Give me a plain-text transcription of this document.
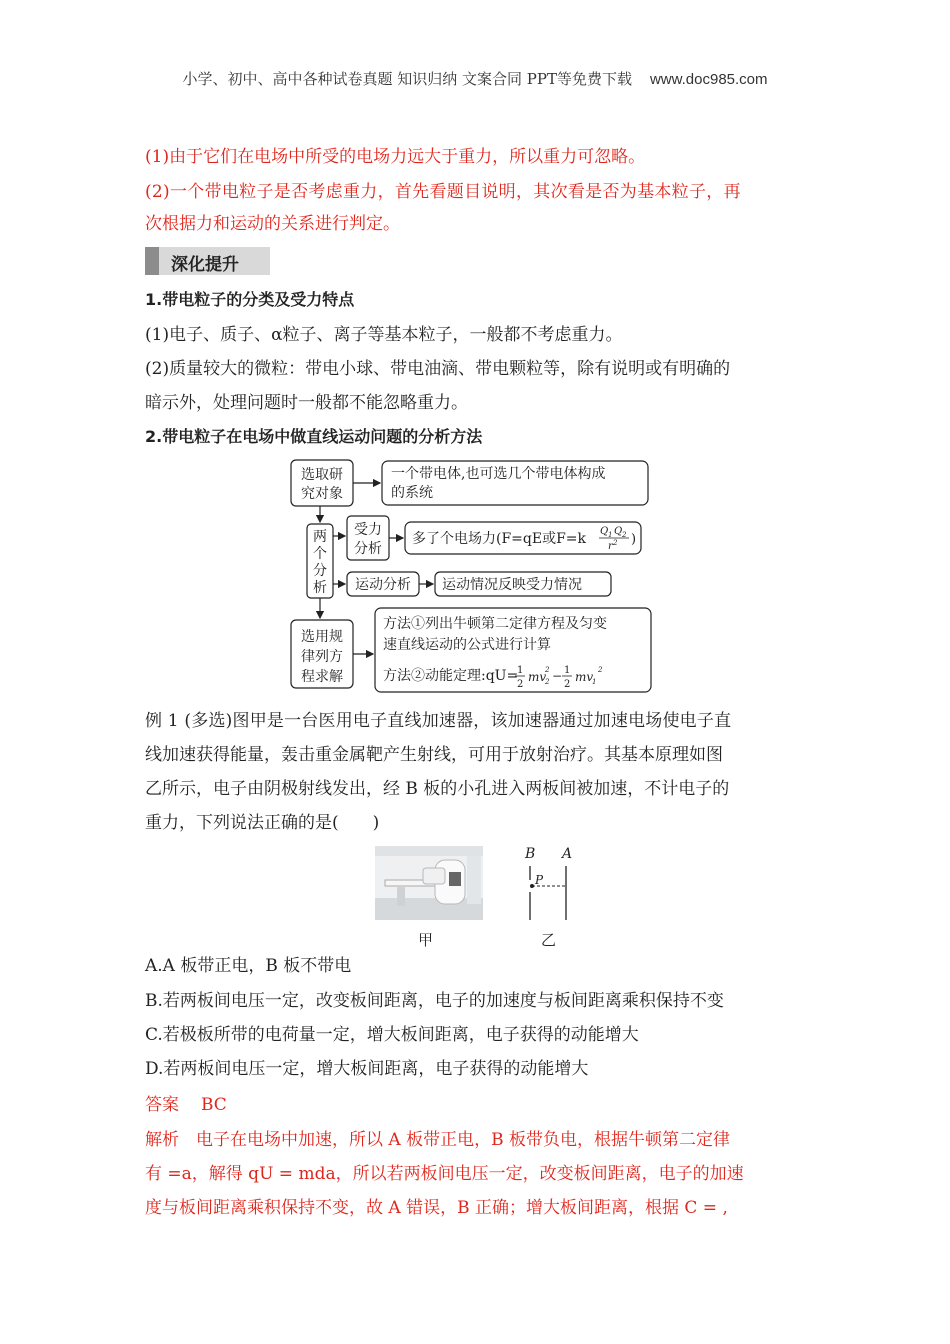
小学、初中、高中各种试卷真题 知识归纳 文案合同 PPT等免费下载 www.doc985.com
(1)由于它们在电场中所受的电场力远大于重力，所以重力可忽略。
(2)一个带电粒子是否考虑重力，首先看题目说明，其次看是否为基本粒子，再
次根据力和运动的关系进行判定。
深化提升
1.带电粒子的分类及受力特点
(1)电子、质子、α粒子、离子等基本粒子，一般都不考虑重力。
(2)质量较大的微粒：带电小球、带电油滴、带电颗粒等，除有说明或有明确的
暗示外，处理问题时一般都不能忽略重力。
2.带电粒子在电场中做直线运动问题的分析方法
选取研
究对象
一个带电体,也可选几个带电体构成
的系统
两
个
分
析
受力
分析
多了个电场力(F=qE或F=k Q 1 Q 2
r 2 )
运动分析 运动情况反映受力情况
选用规
律列方
程求解
方法①列出牛顿第二定律方程及匀变
速直线运动的公式进行计算
方法②动能定理:qU=
1
2
mv
2
2 − 1
2
mv
1
2
例 1 (多选)图甲是一台医用电子直线加速器，该加速器通过加速电场使电子直
线加速获得能量，轰击重金属靶产生射线，可用于放射治疗。其基本原理如图
乙所示，电子由阴极射线发出，经 B 板的小孔进入两板间被加速，不计电子的
重力，下列说法正确的是(　　)
B A
P
甲	乙
A.A 板带正电，B 板不带电
B.若两板间电压一定，改变板间距离，电子的加速度与板间距离乘积保持不变
C.若极板所带的电荷量一定，增大板间距离，电子获得的动能增大
D.若两板间电压一定，增大板间距离，电子获得的动能增大
答案 BC
解析　电子在电场中加速，所以 A 板带正电，B 板带负电，根据牛顿第二定律
有 =a，解得 qU = mda，所以若两板间电压一定，改变板间距离，电子的加速
度与板间距离乘积保持不变，故 A 错误，B 正确；增大板间距离，根据 C = ,
